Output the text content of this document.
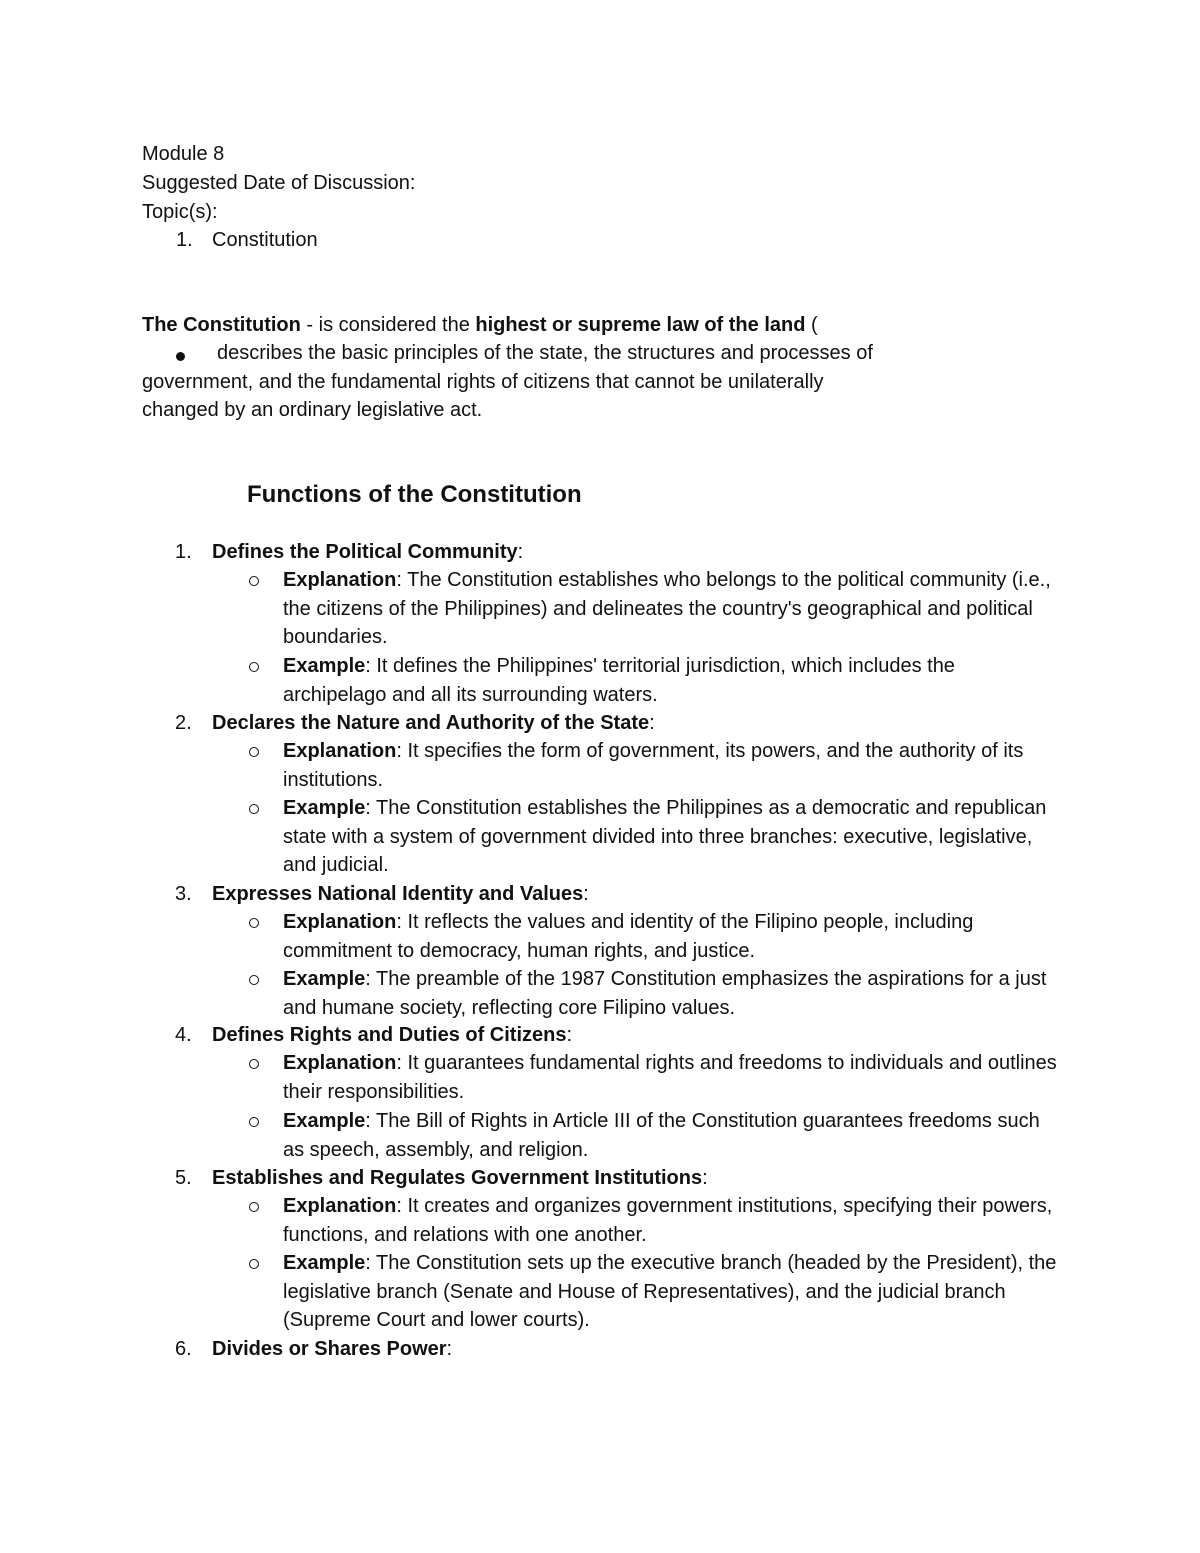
Module 8
Suggested Date of Discussion:
Topic(s):
1. Constitution
The Constitution - is considered the highest or supreme law of the land (
describes the basic principles of the state, the structures and processes of government, and the fundamental rights of citizens that cannot be unilaterally changed by an ordinary legislative act.
Functions of the Constitution
1. Defines the Political Community:
Explanation: The Constitution establishes who belongs to the political community (i.e., the citizens of the Philippines) and delineates the country's geographical and political boundaries.
Example: It defines the Philippines' territorial jurisdiction, which includes the archipelago and all its surrounding waters.
2. Declares the Nature and Authority of the State:
Explanation: It specifies the form of government, its powers, and the authority of its institutions.
Example: The Constitution establishes the Philippines as a democratic and republican state with a system of government divided into three branches: executive, legislative, and judicial.
3. Expresses National Identity and Values:
Explanation: It reflects the values and identity of the Filipino people, including commitment to democracy, human rights, and justice.
Example: The preamble of the 1987 Constitution emphasizes the aspirations for a just and humane society, reflecting core Filipino values.
4. Defines Rights and Duties of Citizens:
Explanation: It guarantees fundamental rights and freedoms to individuals and outlines their responsibilities.
Example: The Bill of Rights in Article III of the Constitution guarantees freedoms such as speech, assembly, and religion.
5. Establishes and Regulates Government Institutions:
Explanation: It creates and organizes government institutions, specifying their powers, functions, and relations with one another.
Example: The Constitution sets up the executive branch (headed by the President), the legislative branch (Senate and House of Representatives), and the judicial branch (Supreme Court and lower courts).
6. Divides or Shares Power:
